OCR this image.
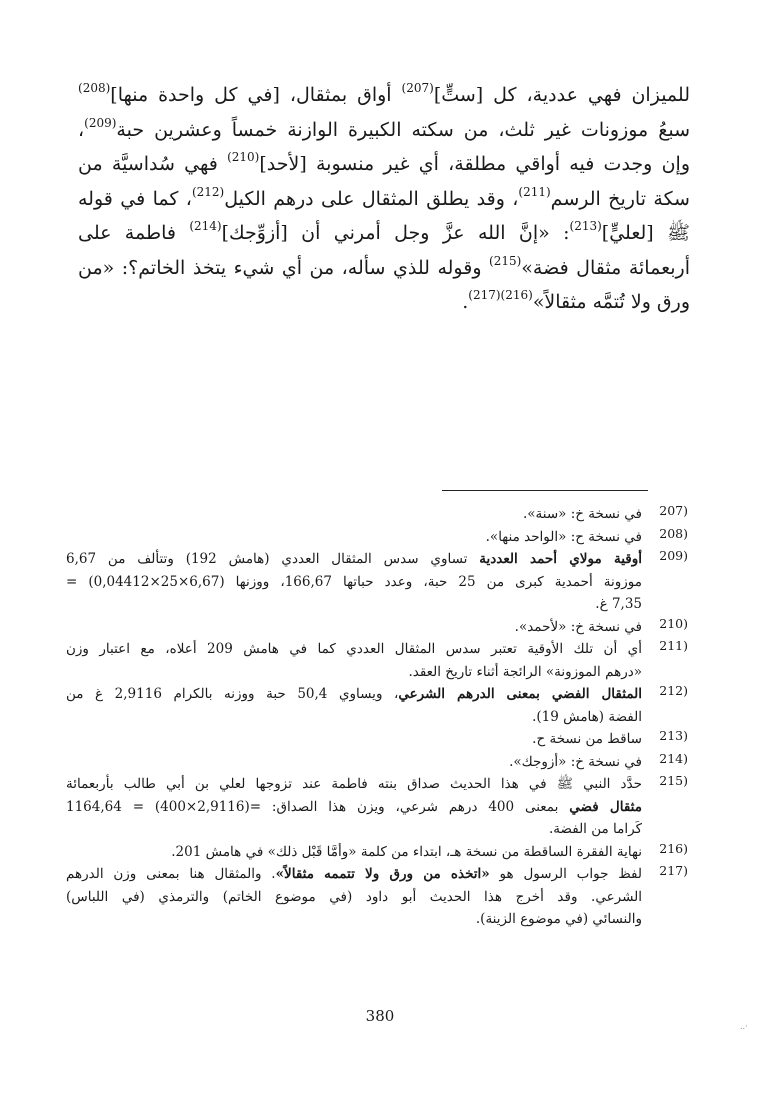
للميزان فهي عددية، كل [ستٍّ]$^{(207)}$ أواق بمثقال، [في كل واحدة منها]$^{(208)}$
سبعُ موزونات غير ثلث، من سكته الكبيرة الوازنة خمساً وعشرين حبة$^{(209)}$،
وإن وجدت فيه أواقي مطلقة، أي غير منسوبة [لأحد]$^{(210)}$ فهي سُداسيَّة من
سكة تاريخ الرسم$^{(211)}$، وقد يطلق المثقال على درهم الكيل$^{(212)}$، كما في قوله
ﷺ [لعليٍّ]$^{(213)}$: «إنَّ الله عزَّ وجل أمرني أن [أزوِّجك]$^{(214)}$ فاطمة على
أربعمائة مثقال فضة»$^{(215)}$ وقوله للذي سأله، من أي شيء يتخذ الخاتم؟: «من
ورق ولا تُتمَّه مثقالاً»$^{(216)(217)}$.
(207
في نسخة خ: «سنة».
(208
في نسخة ح: «الواحد منها».
(209
أوقية مولاي أحمد العددية تساوي سدس المثقال العددي (هامش 192) وتتألف من 6,67
موزونة أحمدية كبرى من 25 حبة، وعدد حباتها 166,67، ووزنها (6,67×25×0,04412) =
7,35 غ.
(210
في نسخة خ: «لأحمد».
(211
أي أن تلك الأوقية تعتبر سدس المثقال العددي كما في هامش 209 أعلاه، مع اعتبار وزن
«درهم الموزونة» الرائجة أثناء تاريخ العقد.
(212
المثقال الفضي بمعنى الدرهم الشرعي، ويساوي 50,4 حبة ووزنه بالكرام 2,9116 غ من
الفضة (هامش 19).
(213
ساقط من نسخة ح.
(214
في نسخة خ: «أزوجك».
(215
حدَّد النبي ﷺ في هذا الحديث صداق بنته فاطمة عند تزوجها لعلي بن أبي طالب بأربعمائة
مثقال فضي بمعنى 400 درهم شرعي، ويزن هذا الصداق: =(2,9116×400) = 1164,64
كَراما من الفضة.
(216
نهاية الفقرة الساقطة من نسخة هـ، ابتداء من كلمة «وأمَّا قَبْل ذلك» في هامش 201.
(217
لفظ جواب الرسول هو «اتخذه من ورق ولا تتممه مثقالاً». والمثقال هنا بمعنى وزن الدرهم
الشرعي. وقد أخرج هذا الحديث أبو داود (في موضوع الخاتم) والترمذي (في اللباس)
والنسائي (في موضوع الزينة).
380
·..
